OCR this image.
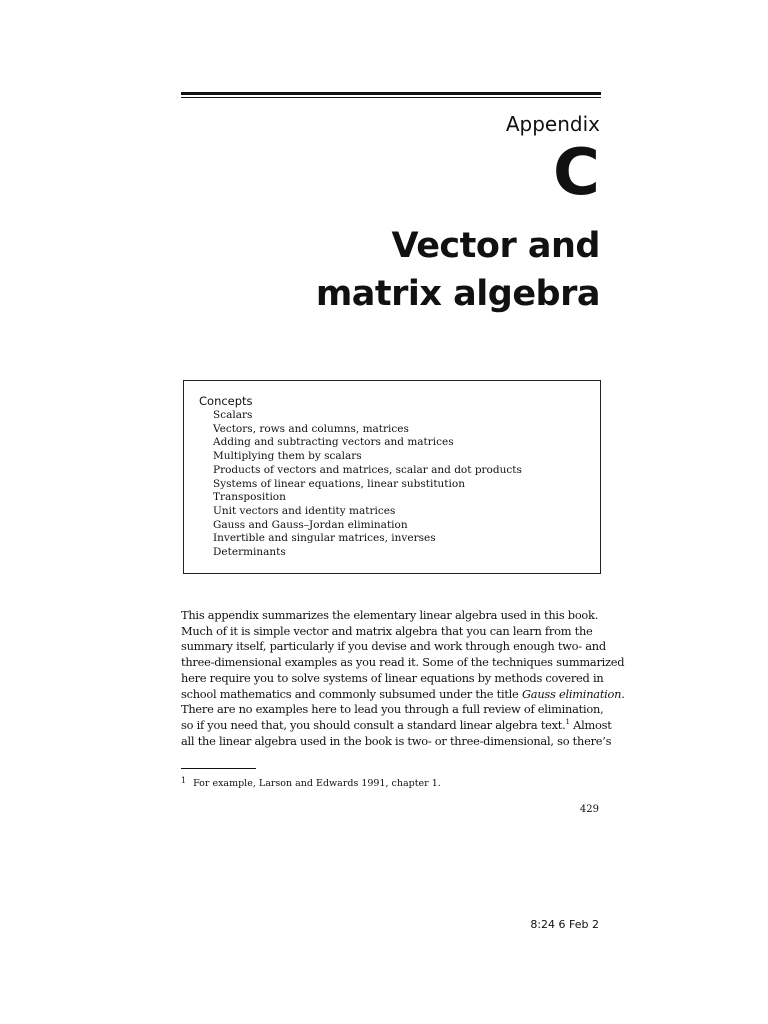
Appendix
C
Vector and
matrix algebra
Concepts
Scalars
Vectors, rows and columns, matrices
Adding and subtracting vectors and matrices
Multiplying them by scalars
Products of vectors and matrices, scalar and dot products
Systems of linear equations, linear substitution
Transposition
Unit vectors and identity matrices
Gauss and Gauss–Jordan elimination
Invertible and singular matrices, inverses
Determinants
This appendix summarizes the elementary linear algebra used in this book.
Much of it is simple vector and matrix algebra that you can learn from the
summary itself, particularly if you devise and work through enough two- and
three-dimensional examples as you read it. Some of the techniques summarized
here require you to solve systems of linear equations by methods covered in
school mathematics and commonly subsumed under the title Gauss elimination.
There are no examples here to lead you through a full review of elimination,
so if you need that, you should consult a standard linear algebra text.$^1$ Almost
all the linear algebra used in the book is two- or three-dimensional, so there’s
$^1$ For example, Larson and Edwards 1991, chapter 1.
429
8:24 6 Feb 2
